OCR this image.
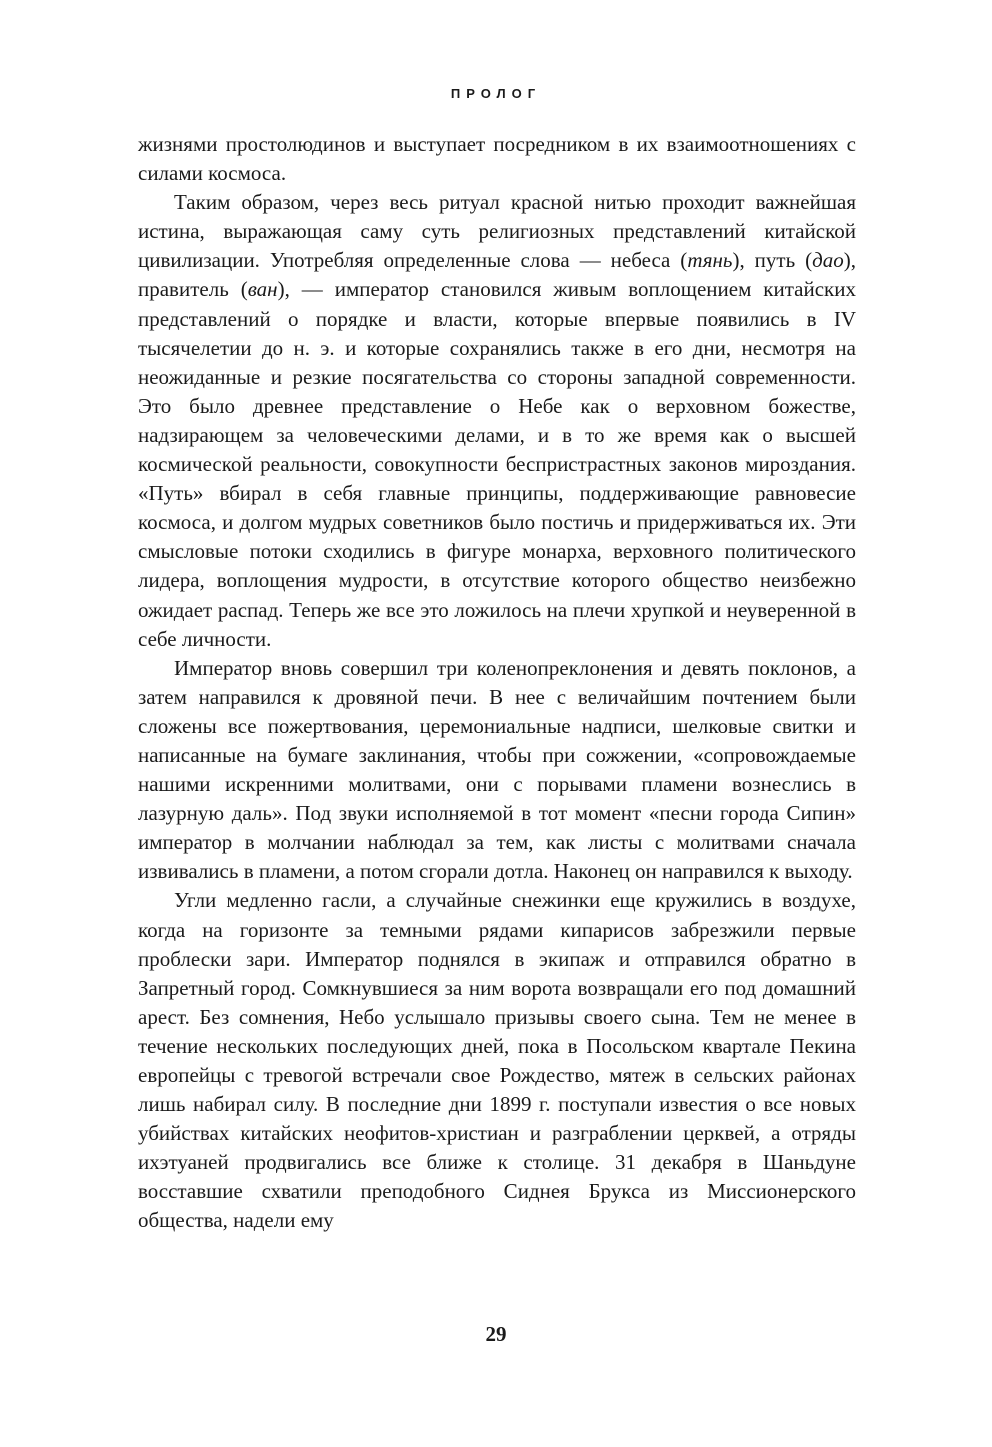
ПРОЛОГ

жизнями простолюдинов и выступает посредником в их взаимоотношениях с силами космоса.

Таким образом, через весь ритуал красной нитью проходит важнейшая истина, выражающая саму суть религиозных представлений китайской цивилизации. Употребляя определенные слова — небеса (тянь), путь (дао), правитель (ван), — император становился живым воплощением китайских представлений о порядке и власти, которые впервые появились в IV тысячелетии до н. э. и которые сохранялись также в его дни, несмотря на неожиданные и резкие посягательства со стороны западной современности. Это было древнее представление о Небе как о верховном божестве, надзирающем за человеческими делами, и в то же время как о высшей космической реальности, совокупности беспристрастных законов мироздания. «Путь» вбирал в себя главные принципы, поддерживающие равновесие космоса, и долгом мудрых советников было постичь и придерживаться их. Эти смысловые потоки сходились в фигуре монарха, верховного политического лидера, воплощения мудрости, в отсутствие которого общество неизбежно ожидает распад. Теперь же все это ложилось на плечи хрупкой и неуверенной в себе личности.

Император вновь совершил три коленопреклонения и девять поклонов, а затем направился к дровяной печи. В нее с величайшим почтением были сложены все пожертвования, церемониальные надписи, шелковые свитки и написанные на бумаге заклинания, чтобы при сожжении, «сопровождаемые нашими искренними молитвами, они с порывами пламени вознеслись в лазурную даль». Под звуки исполняемой в тот момент «песни города Сипин» император в молчании наблюдал за тем, как листы с молитвами сначала извивались в пламени, а потом сгорали дотла. Наконец он направился к выходу.

Угли медленно гасли, а случайные снежинки еще кружились в воздухе, когда на горизонте за темными рядами кипарисов забрезжили первые проблески зари. Император поднялся в экипаж и отправился обратно в Запретный город. Сомкнувшиеся за ним ворота возвращали его под домашний арест. Без сомнения, Небо услышало призывы своего сына. Тем не менее в течение нескольких последующих дней, пока в Посольском квартале Пекина европейцы с тревогой встречали свое Рождество, мятеж в сельских районах лишь набирал силу. В последние дни 1899 г. поступали известия о все новых убийствах китайских неофитов-христиан и разграблении церквей, а отряды ихэтуаней продвигались все ближе к столице. 31 декабря в Шаньдуне восставшие схватили преподобного Сиднея Брукса из Миссионерского общества, надели ему

29
